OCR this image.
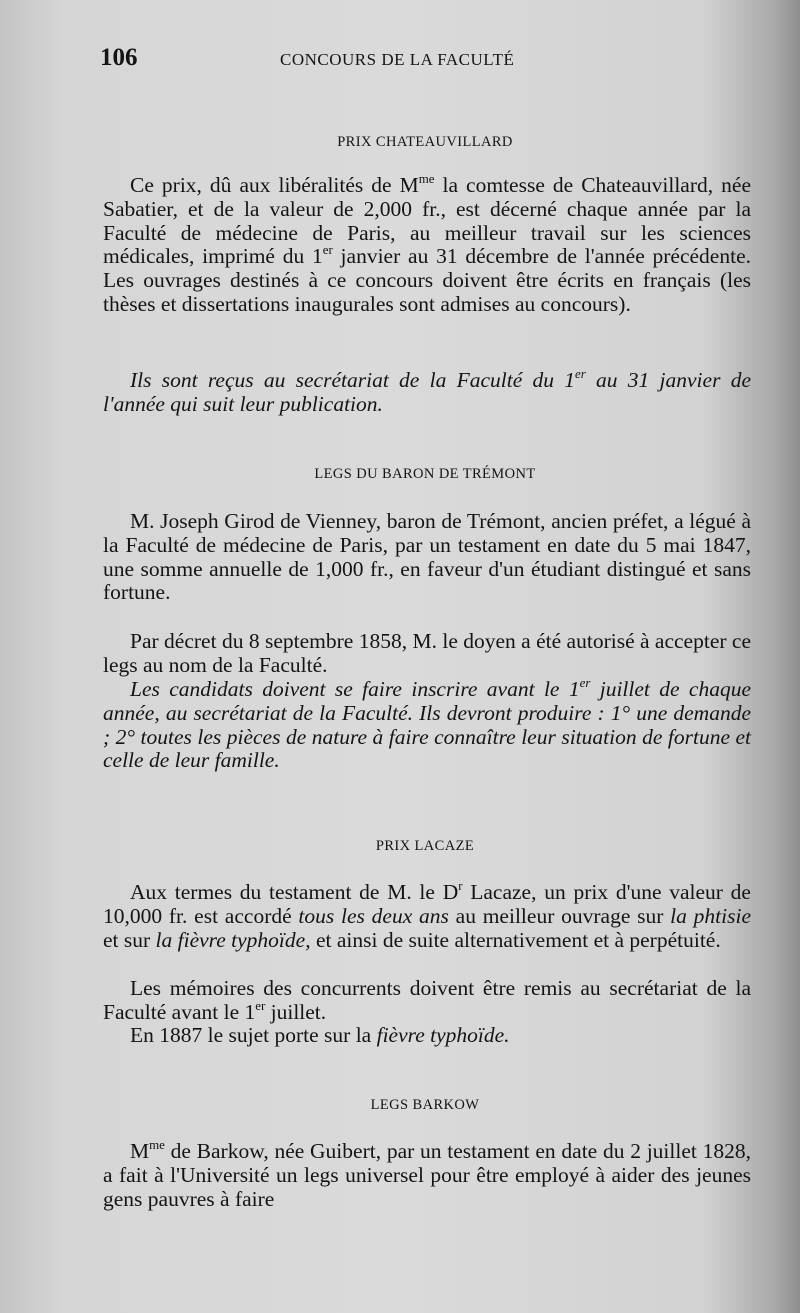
106	CONCOURS DE LA FACULTÉ
PRIX CHATEAUVILLARD

Ce prix, dû aux libéralités de $M^{me}$ la comtesse de Chateauvillard, née Sabatier, et de la valeur de 2,000 fr., est décerné chaque année par la Faculté de médecine de Paris, au meilleur travail sur les sciences médicales, imprimé du 1er janvier au 31 décembre de l'année précédente. Les ouvrages destinés à ce concours doivent être écrits en français (les thèses et dissertations inaugurales sont admises au concours).

Ils sont reçus au secrétariat de la Faculté du 1er au 31 janvier de l'année qui suit leur publication.

LEGS DU BARON DE TRÉMONT

M. Joseph Girod de Vienney, baron de Trémont, ancien préfet, a légué à la Faculté de médecine de Paris, par un testament en date du 5 mai 1847, une somme annuelle de 1,000 fr., en faveur d'un étudiant distingué et sans fortune.

Par décret du 8 septembre 1858, M. le doyen a été autorisé à accepter ce legs au nom de la Faculté.

Les candidats doivent se faire inscrire avant le 1er juillet de chaque année, au secrétariat de la Faculté. Ils devront produire : 1° une demande ; 2° toutes les pièces de nature à faire connaître leur situation de fortune et celle de leur famille.

PRIX LACAZE

Aux termes du testament de M. le $D^r$ Lacaze, un prix d'une valeur de 10,000 fr. est accordé tous les deux ans au meilleur ouvrage sur la phtisie et sur la fièvre typhoïde, et ainsi de suite alternativement et à perpétuité.

Les mémoires des concurrents doivent être remis au secrétariat de la Faculté avant le 1er juillet.

En 1887 le sujet porte sur la fièvre typhoïde.

LEGS BARKOW

$M^{me}$ de Barkow, née Guibert, par un testament en date du 2 juillet 1828, a fait à l'Université un legs universel pour être employé à aider des jeunes gens pauvres à faire
